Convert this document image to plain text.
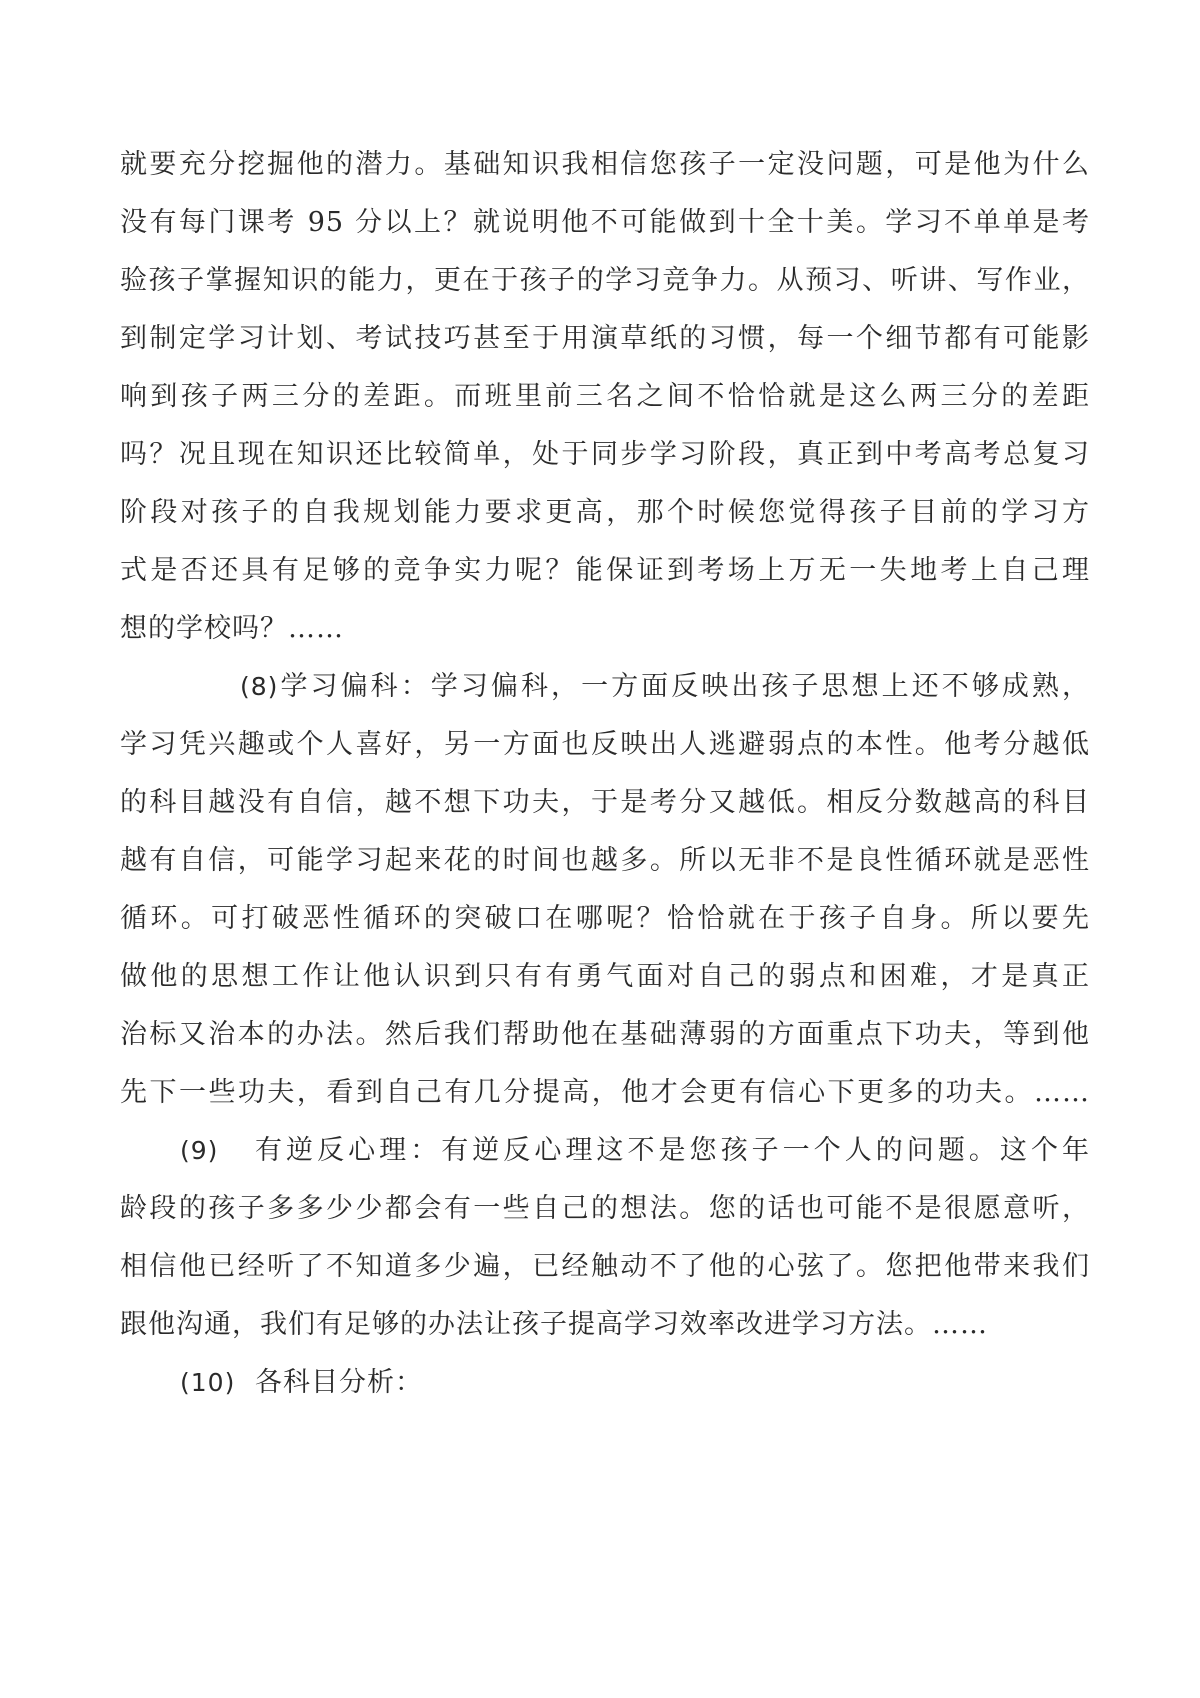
就要充分挖掘他的潜力。基础知识我相信您孩子一定没问题，可是他为什么
没有每门课考 95 分以上？就说明他不可能做到十全十美。学习不单单是考
验孩子掌握知识的能力，更在于孩子的学习竞争力。从预习、听讲、写作业，
到制定学习计划、考试技巧甚至于用演草纸的习惯，每一个细节都有可能影
响到孩子两三分的差距。而班里前三名之间不恰恰就是这么两三分的差距
吗？况且现在知识还比较简单，处于同步学习阶段，真正到中考高考总复习
阶段对孩子的自我规划能力要求更高，那个时候您觉得孩子目前的学习方
式是否还具有足够的竞争实力呢？能保证到考场上万无一失地考上自己理
想的学校吗？……
(8)学习偏科：学习偏科，一方面反映出孩子思想上还不够成熟，
学习凭兴趣或个人喜好，另一方面也反映出人逃避弱点的本性。他考分越低
的科目越没有自信，越不想下功夫，于是考分又越低。相反分数越高的科目
越有自信，可能学习起来花的时间也越多。所以无非不是良性循环就是恶性
循环。可打破恶性循环的突破口在哪呢？恰恰就在于孩子自身。所以要先
做他的思想工作让他认识到只有有勇气面对自己的弱点和困难，才是真正
治标又治本的办法。然后我们帮助他在基础薄弱的方面重点下功夫，等到他
先下一些功夫，看到自己有几分提高，他才会更有信心下更多的功夫。……
(9)	有逆反心理：有逆反心理这不是您孩子一个人的问题。这个年
龄段的孩子多多少少都会有一些自己的想法。您的话也可能不是很愿意听，
相信他已经听了不知道多少遍，已经触动不了他的心弦了。您把他带来我们
跟他沟通，我们有足够的办法让孩子提高学习效率改进学习方法。……
(10) 各科目分析：
